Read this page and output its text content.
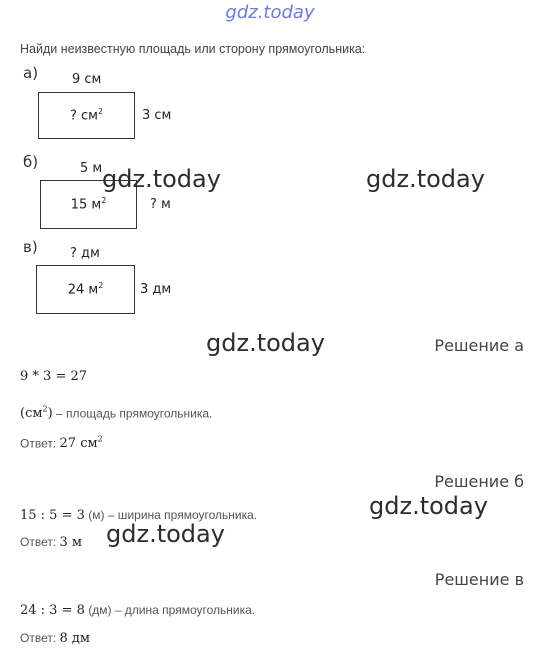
gdz.today
Найди неизвестную площадь или сторону прямоугольника:
а)	9 см
? $см^2$	3 см
б)	5 м
15 $м^2$	? м
в) ? дм
24 $м^2$	3 дм
gdz.today	gdz.today
gdz.today
gdz.today
gdz.today
Решение а
9 * 3 = 27
$(см^2)$ – площадь прямоугольника.
Ответ: 27 $см^2$
Решение б
15 : 5 = 3 (м) – ширина прямоугольника.
Ответ: 3 м
Решение в
24 : 3 = 8 (дм) – длина прямоугольника.
Ответ: 8 дм
